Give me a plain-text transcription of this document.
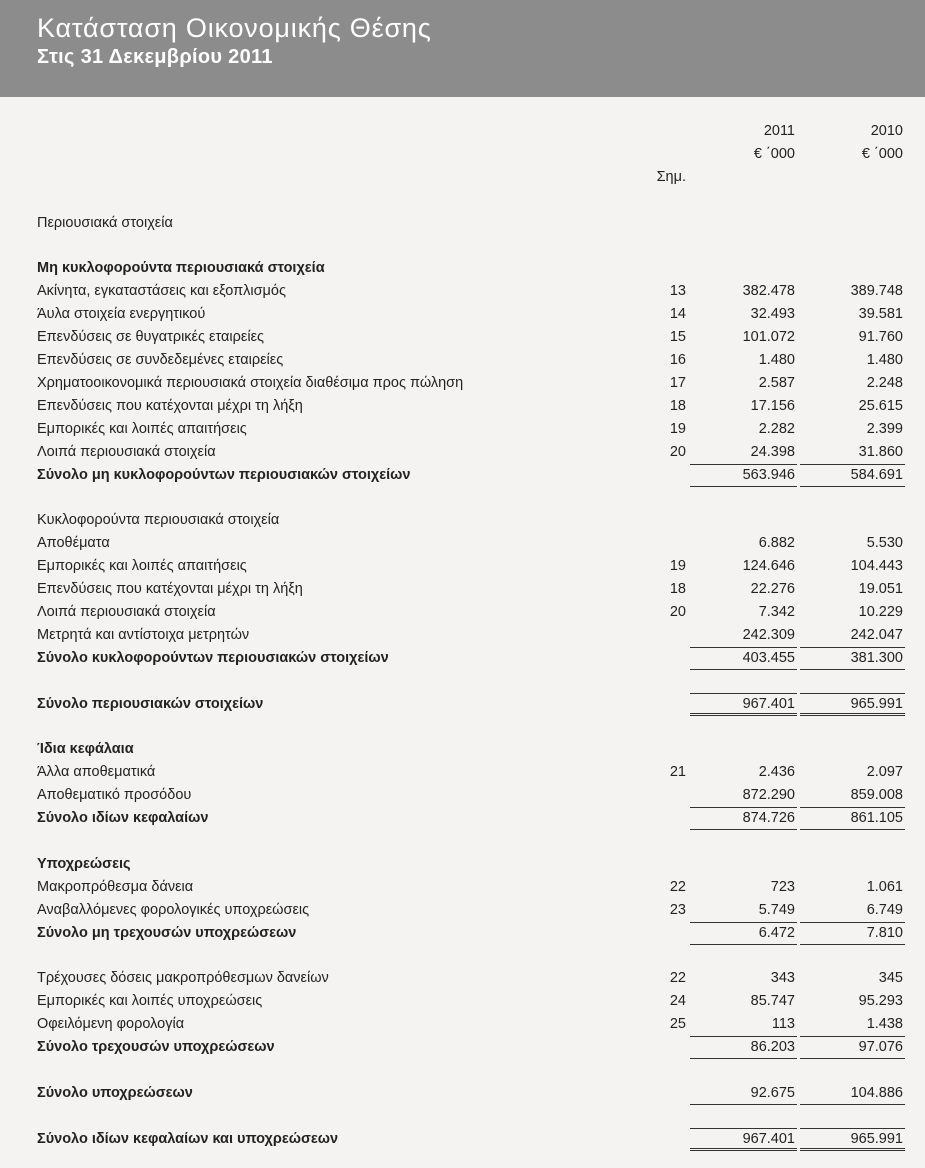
Κατάσταση Οικονομικής Θέσης
Στις 31 Δεκεμβρίου 2011
2011	2010
€ ΄000	€ ΄000
Σημ.
Περιουσιακά στοιχεία
Μη κυκλοφορούντα περιουσιακά στοιχεία
Ακίνητα, εγκαταστάσεις και εξοπλισμός	13	382.478	389.748
Άυλα στοιχεία ενεργητικού	14	32.493	39.581
Επενδύσεις σε θυγατρικές εταιρείες	15	101.072	91.760
Επενδύσεις σε συνδεδεμένες εταιρείες	16	1.480	1.480
Χρηματοοικονομικά περιουσιακά στοιχεία διαθέσιμα προς πώληση	17	2.587	2.248
Επενδύσεις που κατέχονται μέχρι τη λήξη	18	17.156	25.615
Εμπορικές και λοιπές απαιτήσεις	19	2.282	2.399
Λοιπά περιουσιακά στοιχεία	20	24.398	31.860
Σύνολο μη κυκλοφορούντων περιουσιακών στοιχείων	563.946	584.691
Κυκλοφορούντα περιουσιακά στοιχεία
Αποθέματα	6.882	5.530
Εμπορικές και λοιπές απαιτήσεις	19	124.646	104.443
Επενδύσεις που κατέχονται μέχρι τη λήξη	18	22.276	19.051
Λοιπά περιουσιακά στοιχεία	20	7.342	10.229
Μετρητά και αντίστοιχα μετρητών	242.309	242.047
Σύνολο κυκλοφορούντων περιουσιακών στοιχείων	403.455	381.300
Σύνολο περιουσιακών στοιχείων	967.401	965.991
Ίδια κεφάλαια
Άλλα αποθεματικά	21	2.436	2.097
Αποθεματικό προσόδου	872.290	859.008
Σύνολο ιδίων κεφαλαίων	874.726	861.105
Υποχρεώσεις
Μακροπρόθεσμα δάνεια	22	723	1.061
Αναβαλλόμενες φορολογικές υποχρεώσεις	23	5.749	6.749
Σύνολο μη τρεχουσών υποχρεώσεων	6.472	7.810
Τρέχουσες δόσεις μακροπρόθεσμων δανείων	22	343	345
Εμπορικές και λοιπές υποχρεώσεις	24	85.747	95.293
Οφειλόμενη φορολογία	25	113	1.438
Σύνολο τρεχουσών υποχρεώσεων	86.203	97.076
Σύνολο υποχρεώσεων	92.675	104.886
Σύνολο ιδίων κεφαλαίων και υποχρεώσεων	967.401	965.991
